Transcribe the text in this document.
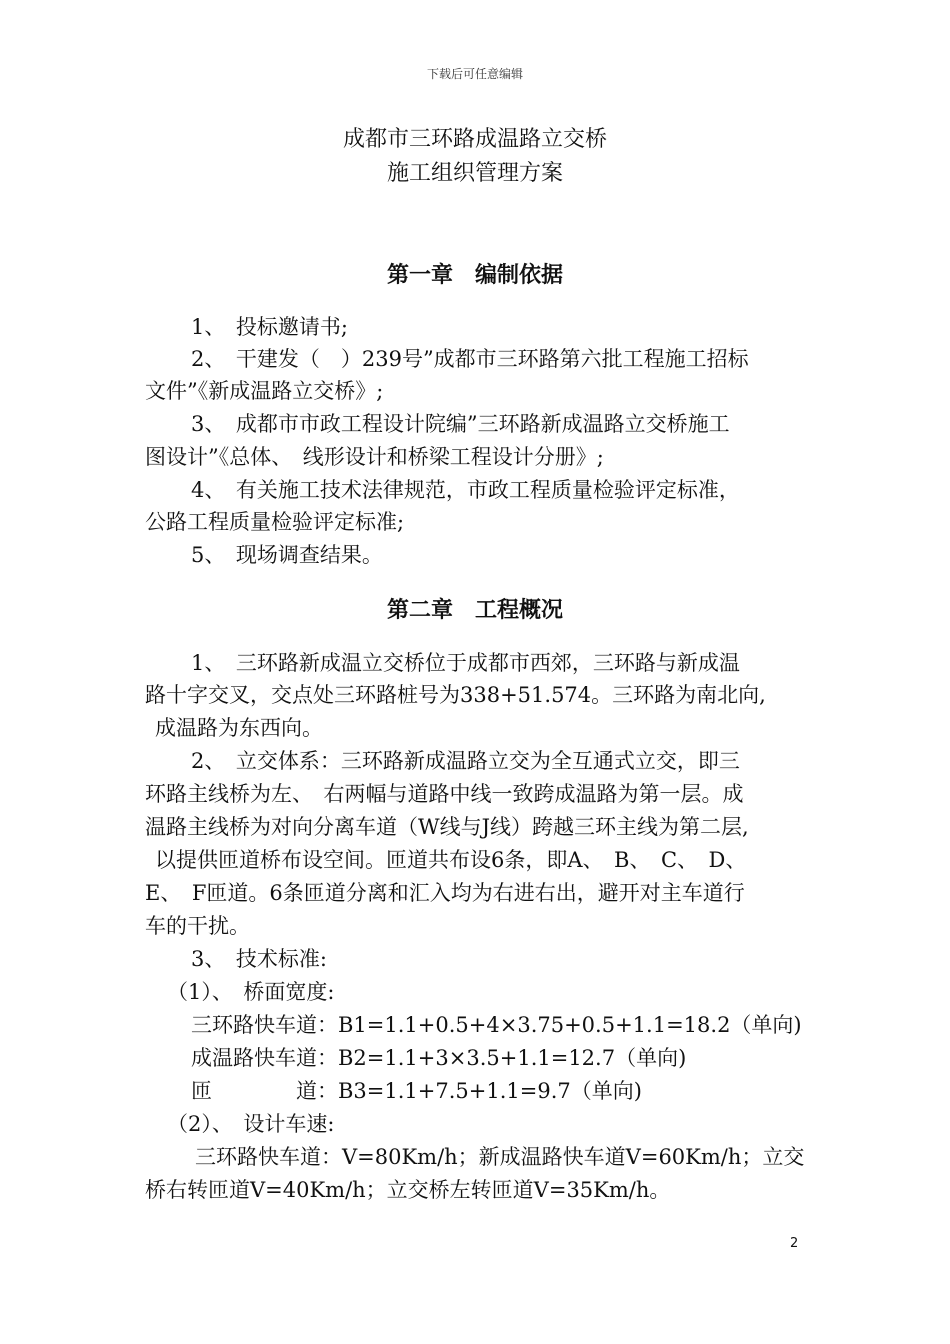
下载后可任意编辑
成都市三环路成温路立交桥
施工组织管理方案
第一章　编制依据
1、　投标邀请书;
2、　干建发（　）239号”成都市三环路第六批工程施工招标
文件”《新成温路立交桥》;
3、　成都市市政工程设计院编”三环路新成温路立交桥施工
图设计”《总体、　线形设计和桥梁工程设计分册》;
4、　有关施工技术法律规范，市政工程质量检验评定标准，
公路工程质量检验评定标准;
5、　现场调查结果。
第二章　工程概况
1、　三环路新成温立交桥位于成都市西郊，三环路与新成温
路十字交叉，交点处三环路桩号为338+51.574。三环路为南北向,
成温路为东西向。
2、　立交体系：三环路新成温路立交为全互通式立交，即三
环路主线桥为左、　右两幅与道路中线一致跨成温路为第一层。成
温路主线桥为对向分离车道（W线与J线）跨越三环主线为第二层,
以提供匝道桥布设空间。匝道共布设6条，即A、　B、　C、　D、
E、　F匝道。6条匝道分离和汇入均为右进右出，避开对主车道行
车的干扰。
3、　技术标准:
（1）、　桥面宽度:
三环路快车道：B1=1.1+0.5+4×3.75+0.5+1.1=18.2（单向)
成温路快车道：B2=1.1+3×3.5+1.1=12.7（单向)
匝　　　　道：B3=1.1+7.5+1.1=9.7（单向)
（2）、　设计车速:
三环路快车道：V=80Km/h；新成温路快车道V=60Km/h；立交
桥右转匝道V=40Km/h；立交桥左转匝道V=35Km/h。
2
